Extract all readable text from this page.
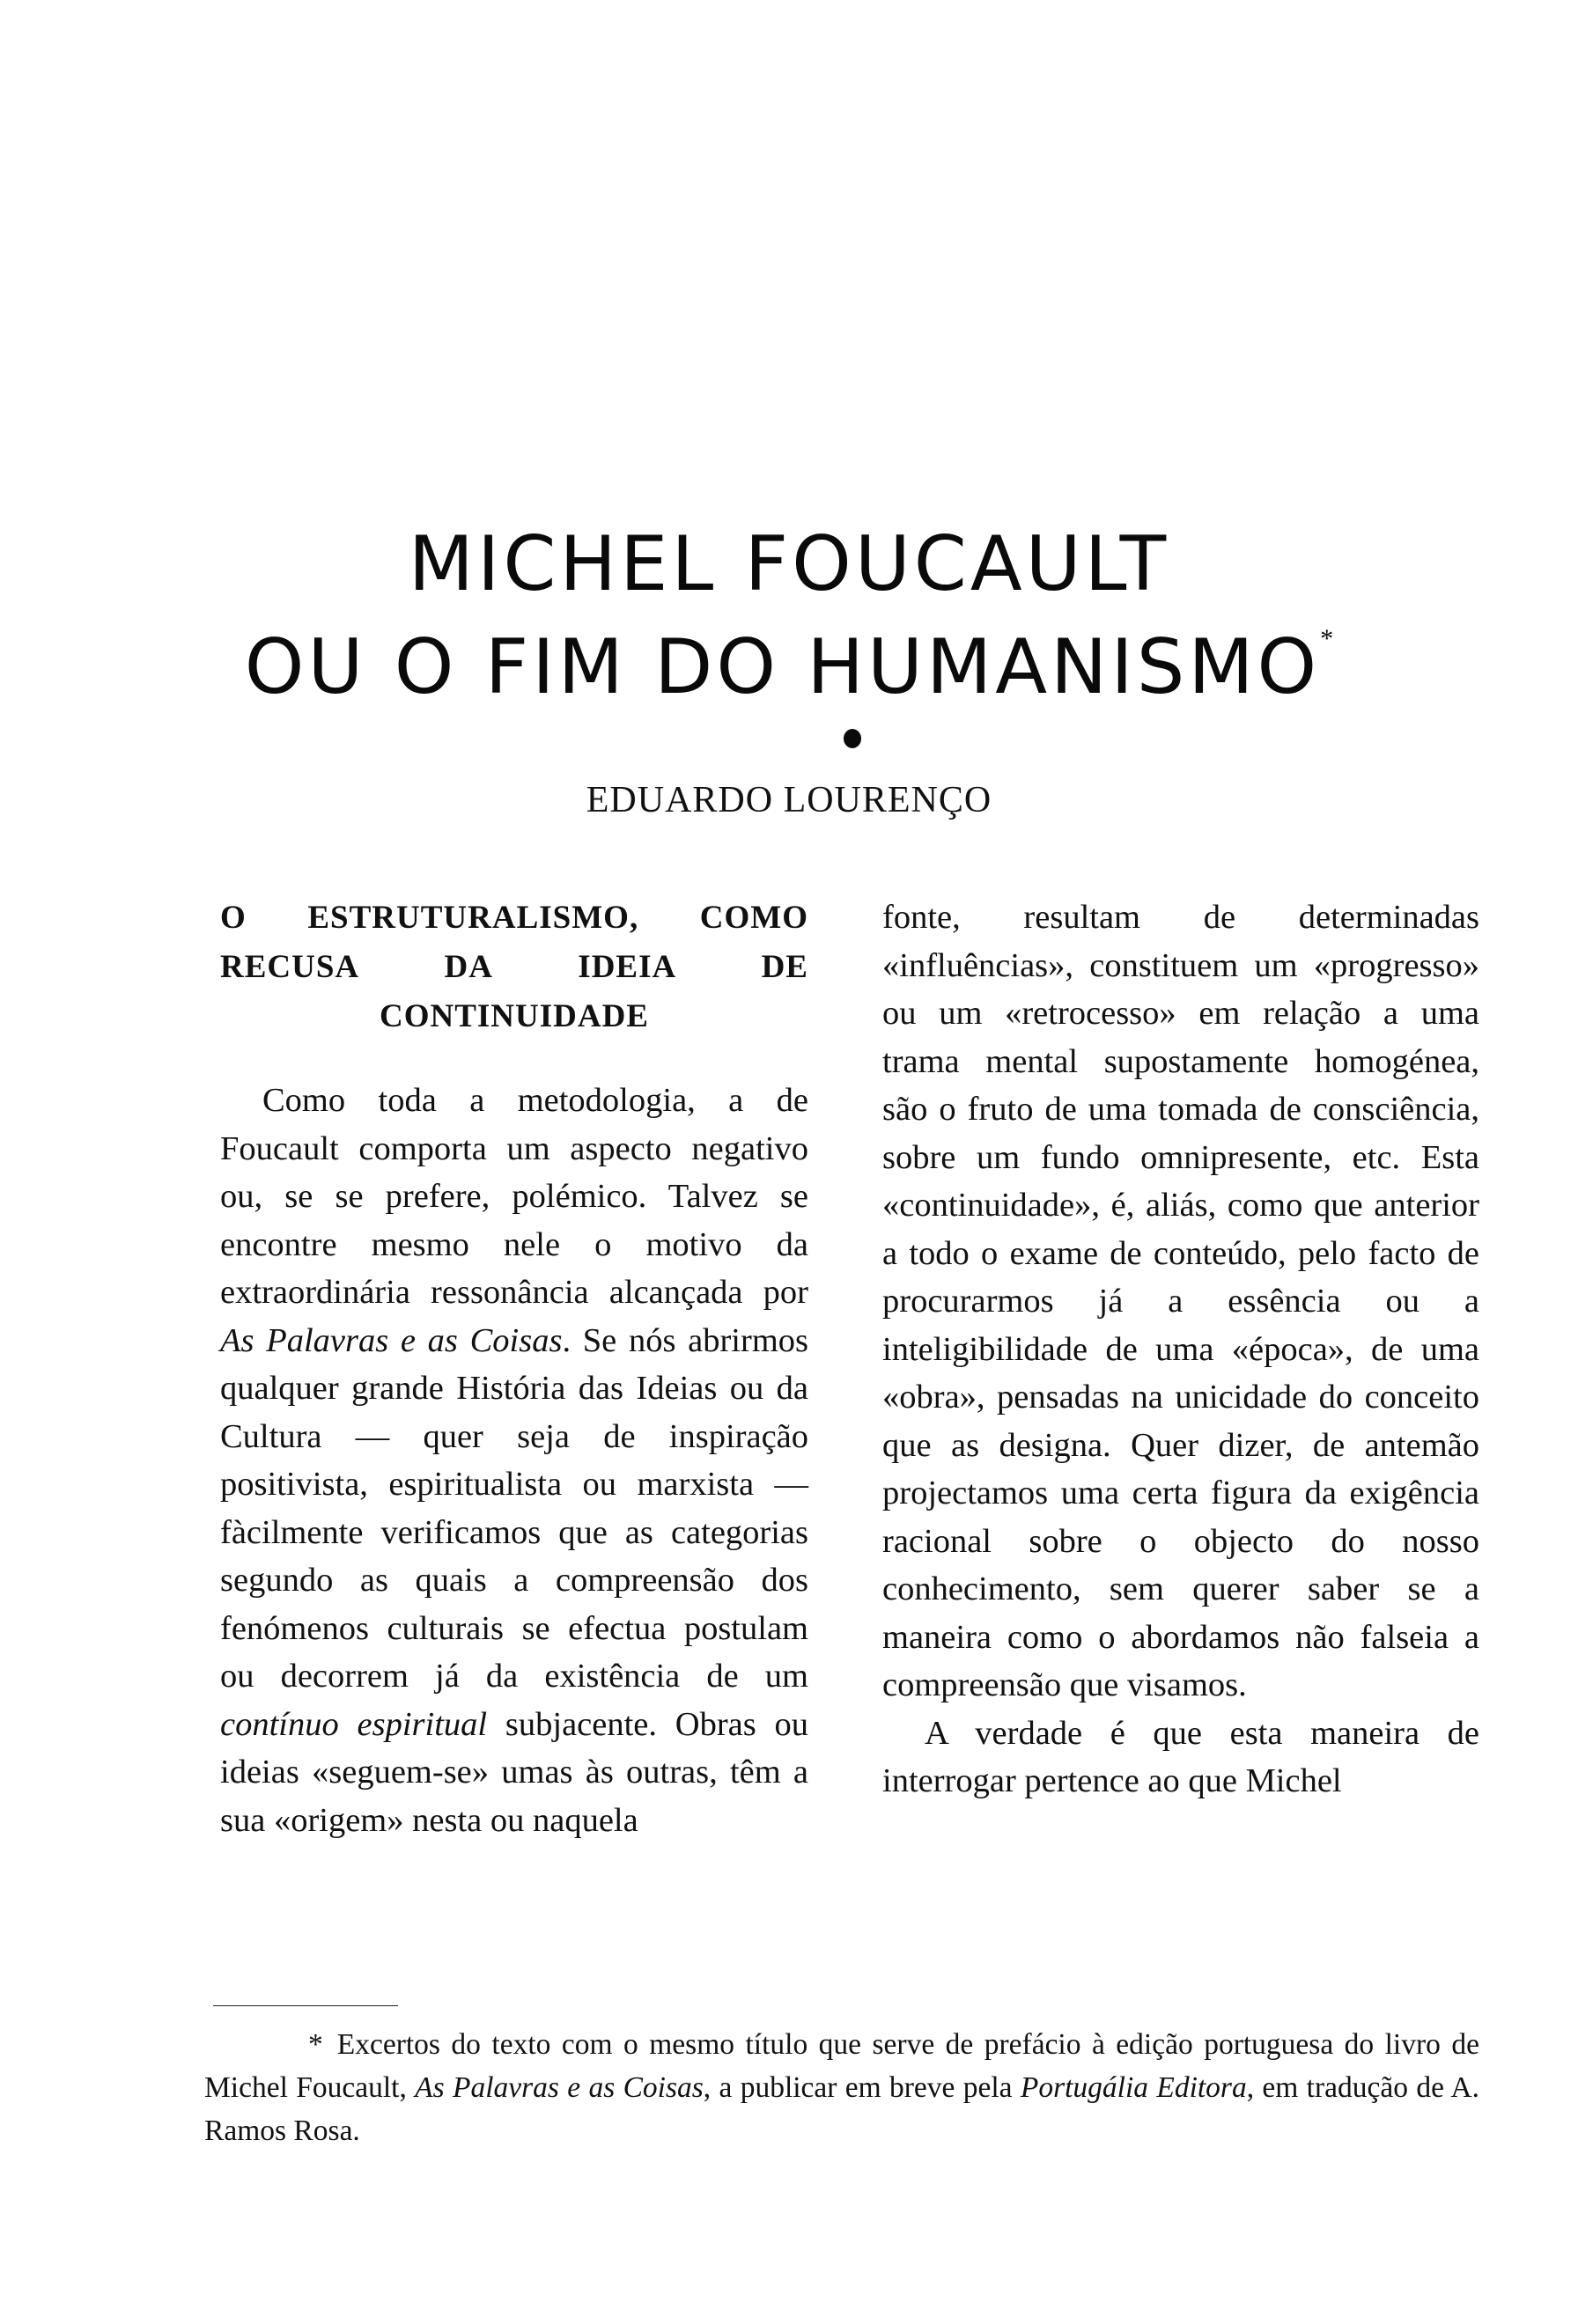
MICHEL FOUCAULT
OU O FIM DO HUMANISMO*
EDUARDO LOURENÇO
O ESTRUTURALISMO, COMO RECUSA DA IDEIA DE CONTINUIDADE

Como toda a metodologia, a de Foucault comporta um aspecto negativo ou, se se prefere, polémico. Talvez se encontre mesmo nele o motivo da extraordinária ressonância alcançada por As Palavras e as Coisas. Se nós abrirmos qualquer grande História das Ideias ou da Cultura — quer seja de inspiração positivista, espiritualista ou marxista — fàcilmente verificamos que as categorias segundo as quais a compreensão dos fenómenos culturais se efectua postulam ou decorrem já da existência de um contínuo espiritual subjacente. Obras ou ideias «seguem-se» umas às outras, têm a sua «origem» nesta ou naquela

fonte, resultam de determinadas «influências», constituem um «progresso» ou um «retrocesso» em relação a uma trama mental supostamente homogénea, são o fruto de uma tomada de consciência, sobre um fundo omnipresente, etc. Esta «continuidade», é, aliás, como que anterior a todo o exame de conteúdo, pelo facto de procurarmos já a essência ou a inteligibilidade de uma «época», de uma «obra», pensadas na unicidade do conceito que as designa. Quer dizer, de antemão projectamos uma certa figura da exigência racional sobre o objecto do nosso conhecimento, sem querer saber se a maneira como o abordamos não falseia a compreensão que visamos.

A verdade é que esta maneira de interrogar pertence ao que Michel

* Excertos do texto com o mesmo título que serve de prefácio à edição portuguesa do livro de Michel Foucault, As Palavras e as Coisas, a publicar em breve pela Portugália Editora, em tradução de A. Ramos Rosa.
